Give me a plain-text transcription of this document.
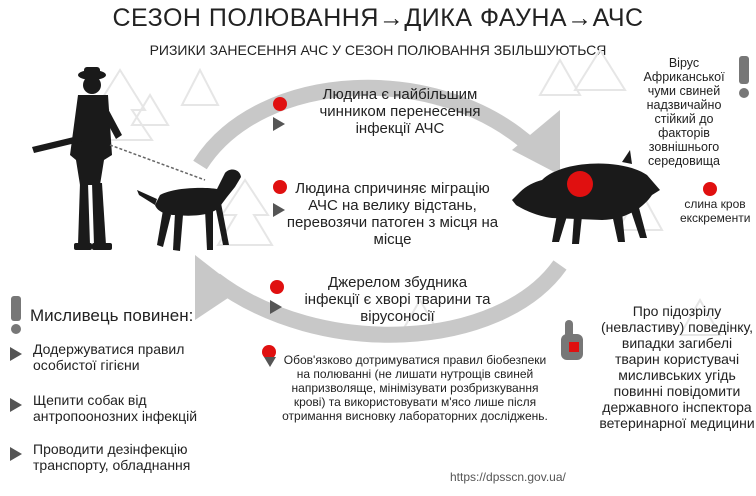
СЕЗОН ПОЛЮВАННЯ→ДИКА ФАУНА→АЧС
РИЗИКИ ЗАНЕСЕННЯ АЧС У СЕЗОН ПОЛЮВАННЯ ЗБІЛЬШУЮТЬСЯ
Людина є найбільшим чинником перенесення інфекції АЧС
Людина спричиняє міграцію АЧС на велику відстань, перевозячи патоген з місця на місце
Джерелом збудника інфекції є хворі тварини та вірусоносії
Вірус Африканської чуми свиней надзвичайно стійкий до факторів зовнішнього середовища
слина кров екскременти
Мисливець повинен:
Додержуватися правил особистої гігієни
Щепити собак від антропоонозних інфекцій
Проводити дезінфекцію транспорту, обладнання
Обов'язково дотримуватися правил біобезпеки на полюванні (не лишати нутрощів свиней напризволяще, мінімізувати розбризкування крові) та використовувати м'ясо лише після отримання висновку лабораторних досліджень.
Про підозрілу (невластиву) поведінку, випадки загибелі тварин користувачі мисливських угідь повинні повідомити державного інспектора ветеринарної медицини
https://dpsscn.gov.ua/
